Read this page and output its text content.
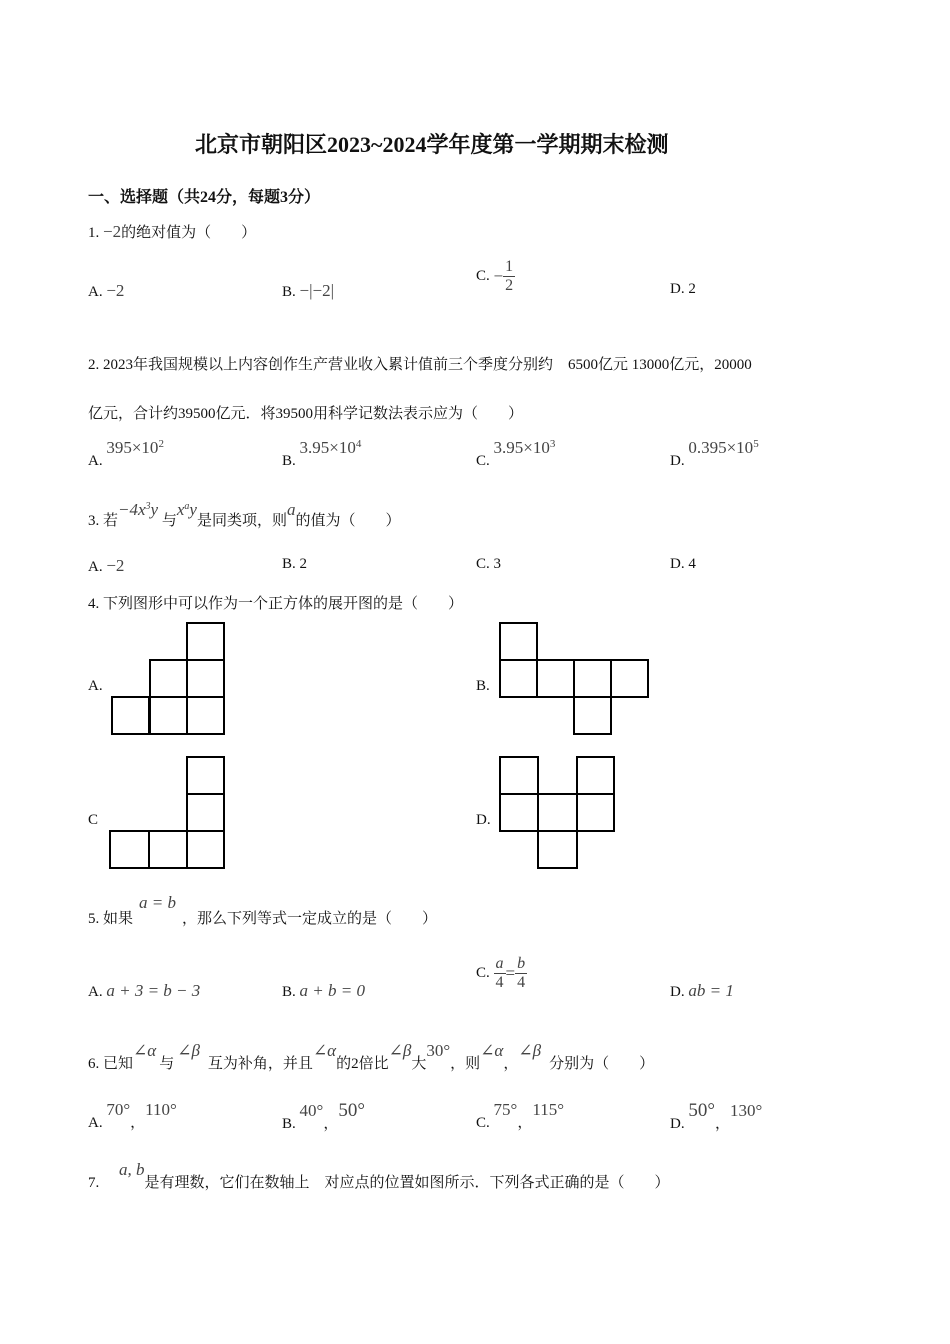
北京市朝阳区2023~2024学年度第一学期期末检测
一、选择题（共24分，每题3分）
1. −2的绝对值为（　　）
A. −2	B. −|−2|
C. − $\frac{1}{2}$	D. 2
2. 2023年我国规模以上内容创作生产营业收入累计值前三个季度分别约　6500亿元 13000亿元，20000
亿元，合计约39500亿元．将39500用科学记数法表示应为（　　）
A. $395\times 10^2$
B. $3.95\times 10^4$
C. $3.95\times 10^3$
D. $0.395\times 10^5$
3. 若$-4x^3y$ 与$x^ay$是同类项，则a的值为（　　）
A. −2	B. 2	C. 3	D. 4
4. 下列图形中可以作为一个正方体的展开图的是（　　）
A.	B.
C	D.
5. 如果a = b，那么下列等式一定成立的是（　　）
A. a + 3 = b − 3	B. a + b = 0
C. $\frac{a}{4} = \frac{b}{4}$	D. ab = 1
6. 已知∠α与∠β互为补角，并且∠α的2倍比∠β大30°，则∠α，∠β分别为（　　）
A. 70°，110°
B. 40°，50°
C. 75°，115°
D. 50°，130°
7. a, b是有理数，它们在数轴上　对应点的位置如图所示．下列各式正确的是（　　）
